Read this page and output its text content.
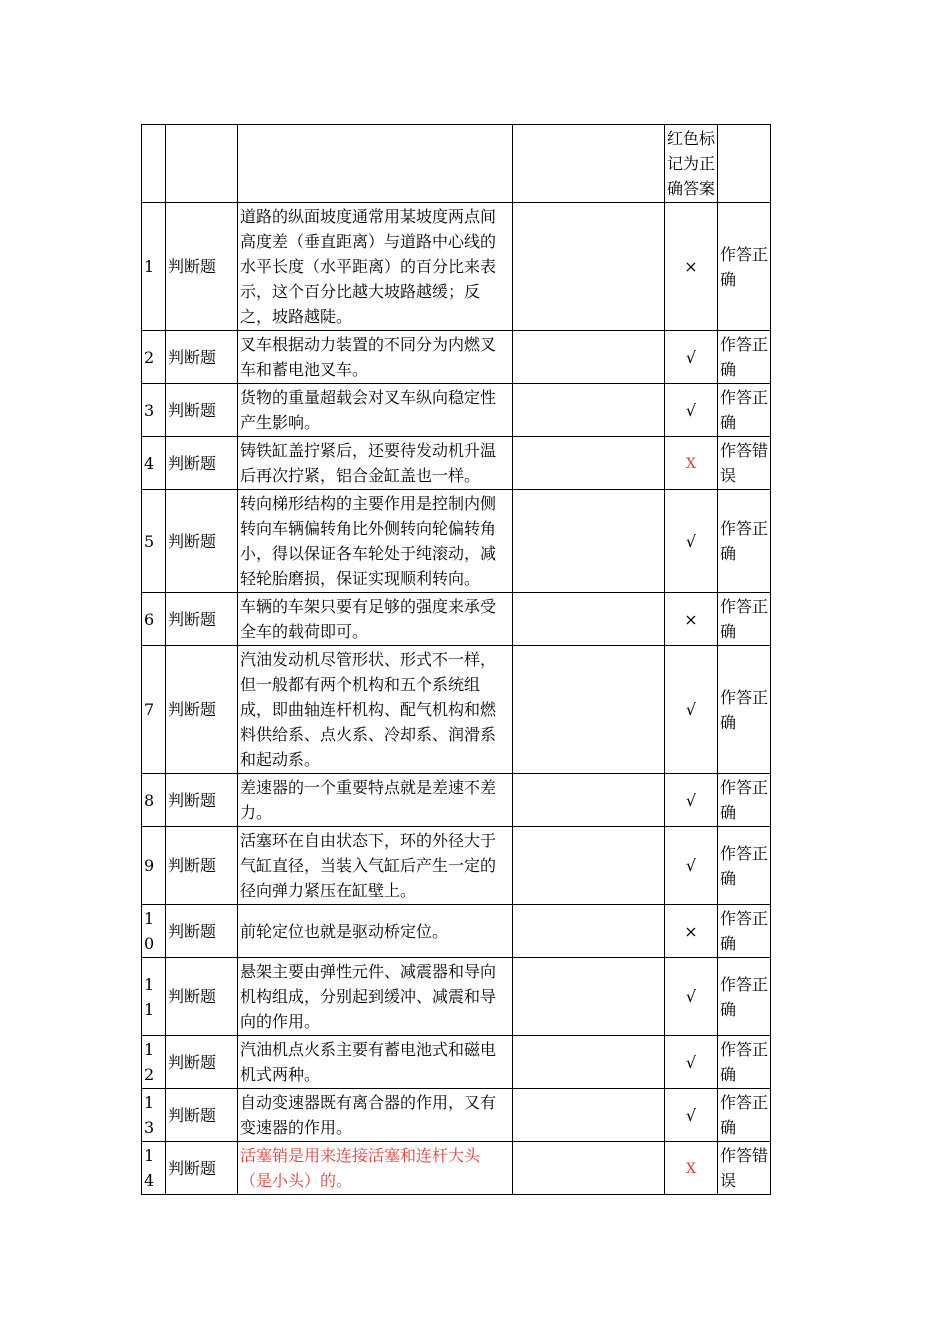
				红色标记为正确答案	
1	判断题	道路的纵面坡度通常用某坡度两点间高度差（垂直距离）与道路中心线的水平长度（水平距离）的百分比来表示，这个百分比越大坡路越缓；反之，坡路越陡。		×	作答正确
2	判断题	叉车根据动力装置的不同分为内燃叉车和蓄电池叉车。		√	作答正确
3	判断题	货物的重量超载会对叉车纵向稳定性产生影响。		√	作答正确
4	判断题	铸铁缸盖拧紧后，还要待发动机升温后再次拧紧，铝合金缸盖也一样。		X	作答错误
5	判断题	转向梯形结构的主要作用是控制内侧转向车辆偏转角比外侧转向轮偏转角小，得以保证各车轮处于纯滚动，减轻轮胎磨损，保证实现顺利转向。		√	作答正确
6	判断题	车辆的车架只要有足够的强度来承受全车的载荷即可。		×	作答正确
7	判断题	汽油发动机尽管形状、形式不一样，但一般都有两个机构和五个系统组成，即曲轴连杆机构、配气机构和燃料供给系、点火系、冷却系、润滑系和起动系。		√	作答正确
8	判断题	差速器的一个重要特点就是差速不差力。		√	作答正确
9	判断题	活塞环在自由状态下，环的外径大于气缸直径，当装入气缸后产生一定的径向弹力紧压在缸壁上。		√	作答正确
10	判断题	前轮定位也就是驱动桥定位。		×	作答正确
11	判断题	悬架主要由弹性元件、减震器和导向机构组成，分别起到缓冲、减震和导向的作用。		√	作答正确
12	判断题	汽油机点火系主要有蓄电池式和磁电机式两种。		√	作答正确
13	判断题	自动变速器既有离合器的作用，又有变速器的作用。		√	作答正确
14	判断题	活塞销是用来连接活塞和连杆大头（是小头）的。		X	作答错误
